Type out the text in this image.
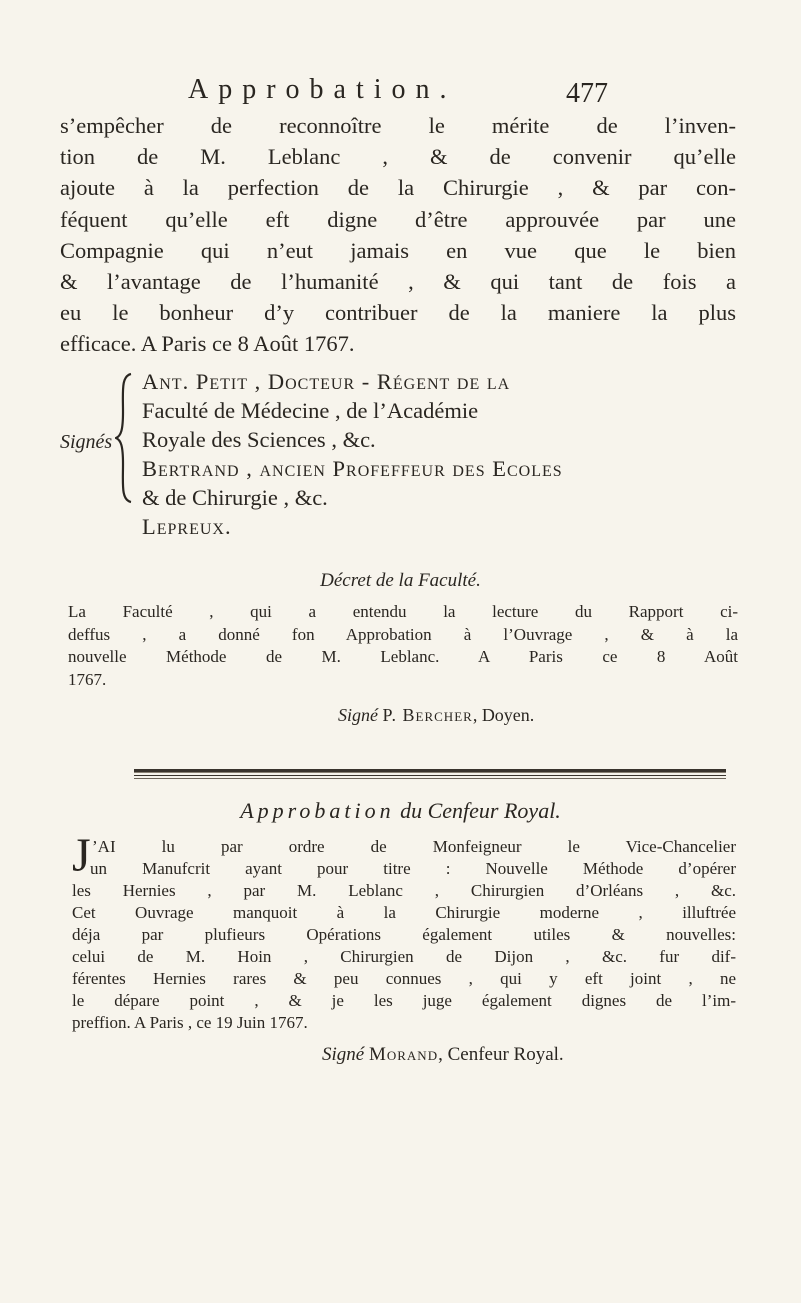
Approbation.	477
s’empêcher de reconnoître le mérite de l’inven-
tion de M. Leblanc , & de convenir qu’elle
ajoute à la perfection de la Chirurgie , & par con-
féquent qu’elle eft digne d’être approuvée par une
Compagnie qui n’eut jamais en vue que le bien
& l’avantage de l’humanité , & qui tant de fois a
eu le bonheur d’y contribuer de la maniere la plus
efficace. A Paris ce 8 Août 1767.
Signés
Ant. Petit , Docteur - Régent de la
Faculté de Médecine , de l’Académie
Royale des Sciences , &c.
Bertrand , ancien Profeffeur des Ecoles
& de Chirurgie , &c.
Lepreux.
Décret de la Faculté.
La Faculté , qui a entendu la lecture du Rapport ci-
deffus , a donné fon Approbation à l’Ouvrage , & à la
nouvelle Méthode de M. Leblanc. A Paris ce 8 Août
1767.
Signé P. Bercher, Doyen.
Approbation du Cenfeur Royal.
J ’AI lu par ordre de Monfeigneur le Vice-Chancelier
un Manufcrit ayant pour titre : Nouvelle Méthode d’opérer
les Hernies , par M. Leblanc , Chirurgien d’Orléans , &c.
Cet Ouvrage manquoit à la Chirurgie moderne , illuftrée
déja par plufieurs Opérations également utiles & nouvelles:
celui de M. Hoin , Chirurgien de Dijon , &c. fur dif-
férentes Hernies rares & peu connues , qui y eft joint , ne
le dépare point , & je les juge également dignes de l’im-
preffion. A Paris , ce 19 Juin 1767.
Signé Morand, Cenfeur Royal.
